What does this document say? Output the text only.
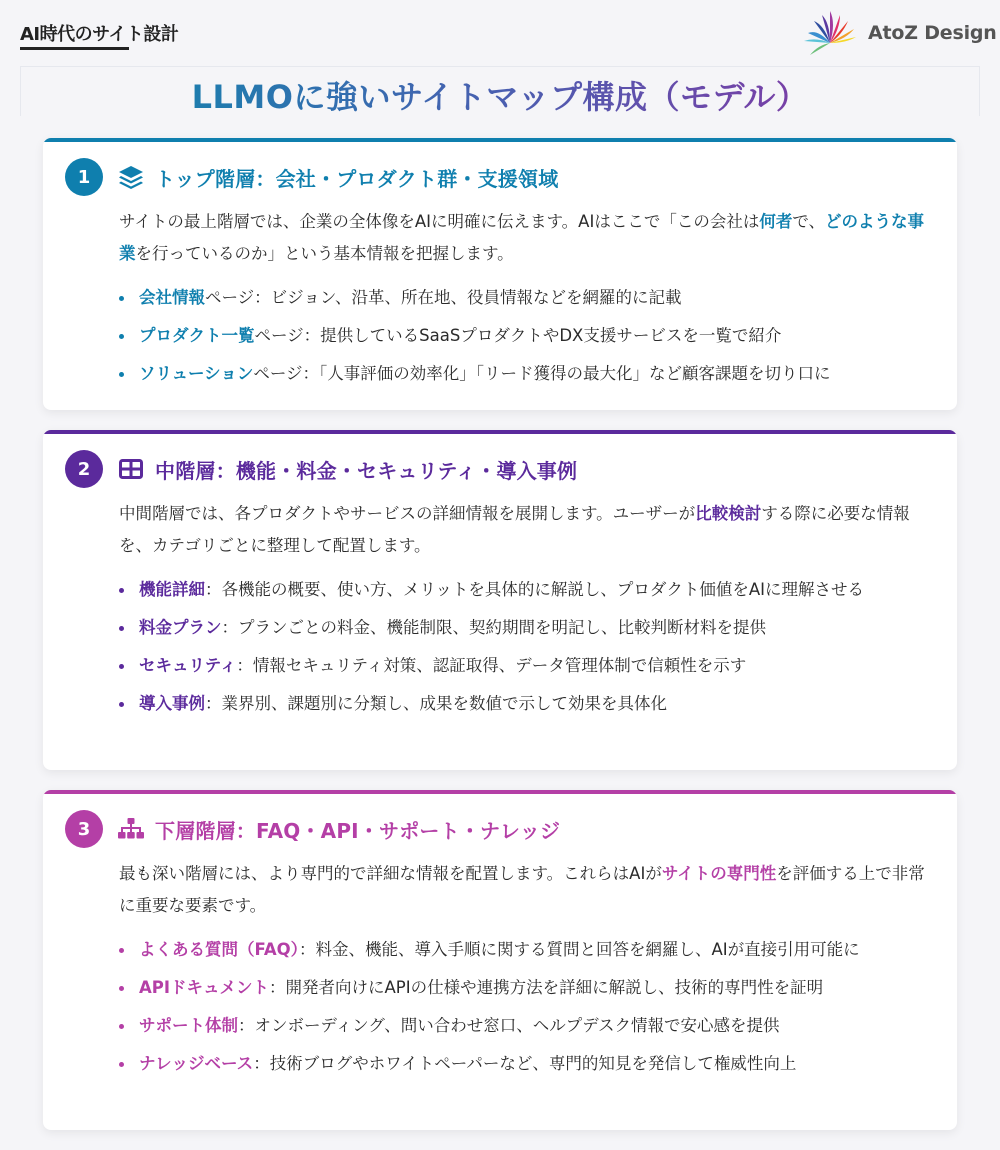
AI時代のサイト設計	AtoZ Design
LLMOに強いサイトマップ構成（モデル）
1	トップ階層：会社・プロダクト群・支援領域

サイトの最上階層では、企業の全体像をAIに明確に伝えます。AIはここで「この会社は何者で、どのような事業を行っているのか」という基本情報を把握します。

会社情報ページ：ビジョン、沿革、所在地、役員情報などを網羅的に記載
プロダクト一覧ページ：提供しているSaaSプロダクトやDX支援サービスを一覧で紹介
ソリューションページ：「人事評価の効率化」「リード獲得の最大化」など顧客課題を切り口に
2	中階層：機能・料金・セキュリティ・導入事例

中間階層では、各プロダクトやサービスの詳細情報を展開します。ユーザーが比較検討する際に必要な情報を、カテゴリごとに整理して配置します。

機能詳細：各機能の概要、使い方、メリットを具体的に解説し、プロダクト価値をAIに理解させる
料金プラン：プランごとの料金、機能制限、契約期間を明記し、比較判断材料を提供
セキュリティ：情報セキュリティ対策、認証取得、データ管理体制で信頼性を示す
導入事例：業界別、課題別に分類し、成果を数値で示して効果を具体化
3	下層階層：FAQ・API・サポート・ナレッジ

最も深い階層には、より専門的で詳細な情報を配置します。これらはAIがサイトの専門性を評価する上で非常に重要な要素です。

よくある質問（FAQ）：料金、機能、導入手順に関する質問と回答を網羅し、AIが直接引用可能に
APIドキュメント：開発者向けにAPIの仕様や連携方法を詳細に解説し、技術的専門性を証明
サポート体制：オンボーディング、問い合わせ窓口、ヘルプデスク情報で安心感を提供
ナレッジベース：技術ブログやホワイトペーパーなど、専門的知見を発信して権威性向上
